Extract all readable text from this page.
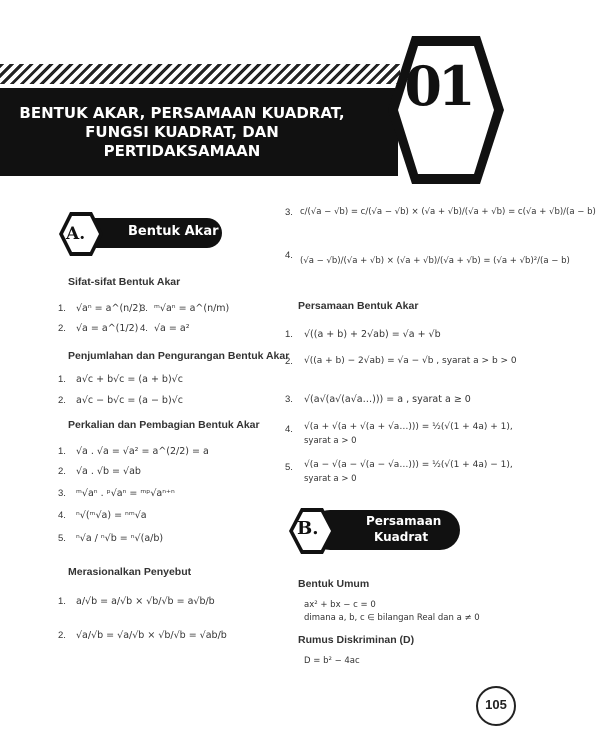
BENTUK AKAR, PERSAMAAN KUADRAT, FUNGSI KUADRAT, DAN PERTIDAKSAMAAN
01
A.	Bentuk Akar
Sifat-sifat Bentuk Akar
1. √aⁿ = a^(n/2)
3. ᵐ√aⁿ = a^(n/m)
2. √a = a^(1/2) 4. √a = a²
Penjumlahan dan Pengurangan Bentuk Akar
1. a√c + b√c = (a + b)√c
2. a√c − b√c = (a − b)√c
Perkalian dan Pembagian Bentuk Akar
1. √a . √a = √a² = a^(2/2) = a
2. √a . √b = √ab
3. ᵐ√aⁿ . ᵖ√aⁿ = ᵐᵖ√aⁿ⁺ⁿ
4. ⁿ√(ᵐ√a) = ⁿᵐ√a
5. ⁿ√a / ⁿ√b = ⁿ√(a/b)
Merasionalkan Penyebut
1. a/√b = a/√b × √b/√b = a√b/b
2. √a/√b = √a/√b × √b/√b = √ab/b
3. c/(√a − √b) = c/(√a − √b) × (√a + √b)/(√a + √b) = c(√a + √b)/(a − b)
4. (√a − √b)/(√a + √b) × (√a + √b)/(√a + √b) = (√a + √b)²/(a − b)
Persamaan Bentuk Akar
1. √((a + b) + 2√ab) = √a + √b
2. √((a + b) − 2√ab) = √a − √b , syarat a > b > 0
3. √(a√(a√(a√a…))) = a , syarat a ≥ 0
4. √(a + √(a + √(a + √a…))) = ½(√(1 + 4a) + 1),
syarat a > 0
5. √(a − √(a − √(a − √a…))) = ½(√(1 + 4a) − 1),
syarat a > 0
B.	Persamaan
Kuadrat
Bentuk Umum
ax² + bx − c = 0
dimana a, b, c ∈ bilangan Real dan a ≠ 0
Rumus Diskriminan (D)
D = b² − 4ac
105
